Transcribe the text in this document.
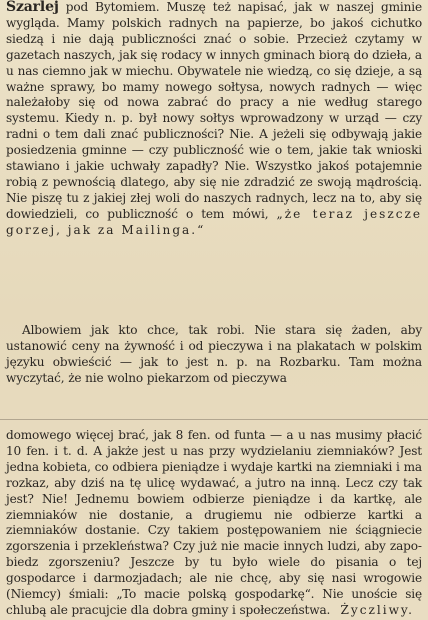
Szarlej pod Bytomiem. Muszę też napisać, jak w naszej gminie wygląda. Mamy polskich radnych na papierze, bo jakoś cichutko siedzą i nie dają publiczności znać o sobie. Przecież czytamy w gazetach naszych, jak się rodacy w innych gminach biorą do dzieła, a u nas ciemno jak w miechu. Obywatele nie wiedzą, co się dzieje, a są ważne sprawy, bo mamy nowego sołtysa, nowych radnych — więc należałoby się od nowa zabrać do pracy a nie według starego systemu. Kiedy n. p. był nowy sołtys wprowadzony w urząd — czy radni o tem dali znać publiczności? Nie. A jeżeli się odbywają jakie posiedzenia gminne — czy publiczność wie o tem, jakie tak wnioski stawiano i jakie uchwały zapadły? Nie. Wszystko jakoś potajemnie robią z pewnością dlatego, aby się nie zdradzić ze swoją mądrością. Nie piszę tu z jakiej złej woli do naszych radnych, lecz na to, aby się dowiedzieli, co publiczność o tem mówi, „że teraz jeszcze gorzej, jak za Mailinga.“

Albowiem jak kto chce, tak robi. Nie stara się żaden, aby ustanowić ceny na żywność i od pieczywa i na plakatach w polskim języku obwieścić — jak to jest n. p. na Rozbarku. Tam można wyczytać, że nie wolno piekarzom od pieczywa

domowego więcej brać, jak 8 fen. od funta — a u nas musimy płacić 10 fen. i t. d. A jakże jest u nas przy wydzielaniu ziemniaków? Jest jedna kobieta, co odbiera pieniądze i wydaje kartki na ziemniaki i ma rozkaz, aby dziś na tę ulicę wydawać, a jutro na inną. Lecz czy tak jest? Nie! Jednemu bowiem odbierze pieniądze i da kartkę, ale ziemniaków nie dostanie, a drugiemu nie odbierze kartki a ziemniaków dostanie. Czy takiem postępowaniem nie ściągniecie zgorszenia i przekleństwa? Czy już nie macie innych ludzi, aby zapobiedz zgorszeniu? Jeszcze by tu było wiele do pisania o tej gospodarce i darmozjadach; ale nie chcę, aby się nasi wrogowie (Niemcy) śmiali: „To macie polską gospodarkę“. Nie unoście się chlubą ale pracujcie dla dobra gminy i społeczeństwa. Życzliwy.
